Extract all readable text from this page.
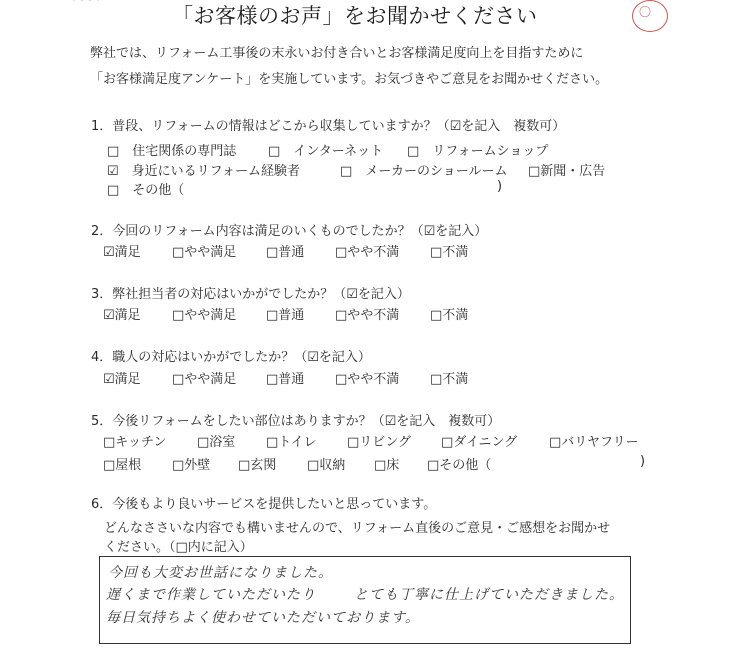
⁀⁀⁀	〇
「お客様のお声」をお聞かせください
弊社では、リフォーム工事後の末永いお付き合いとお客様満足度向上を目指すために
「お客様満足度アンケート」を実施しています。お気づきやご意見をお聞かせください。
1．普段、リフォームの情報はどこから収集していますか？（☑を記入　複数可）
□　住宅関係の専門誌 □　インターネット □　リフォームショップ
☑　身近にいるリフォーム経験者	□　メーカーのショールーム □新聞・広告
□　その他（	)
2．今回のリフォーム内容は満足のいくものでしたか？（☑を記入）
☑満足 □やや満足 □普通 □やや不満 □不満
3．弊社担当者の対応はいかがでしたか？（☑を記入）
☑満足 □やや満足 □普通 □やや不満 □不満
4．職人の対応はいかがでしたか？（☑を記入）
☑満足 □やや満足 □普通 □やや不満 □不満
5．今後リフォームをしたい部位はありますか？（☑を記入　複数可）
□キッチン □浴室 □トイレ □リビング □ダイニング □バリヤフリー
□屋根 □外壁 □玄関 □収納 □床 □その他（	)
6．今後もより良いサービスを提供したいと思っています。
どんなささいな内容でも構いませんので、リフォーム直後のご意見・ご感想をお聞かせ
ください。（□内に記入）
今回も大変お世話になりました。
遅くまで作業していただいたり	とても丁寧に仕上げていただきました。
毎日気持ちよく使わせていただいております。
